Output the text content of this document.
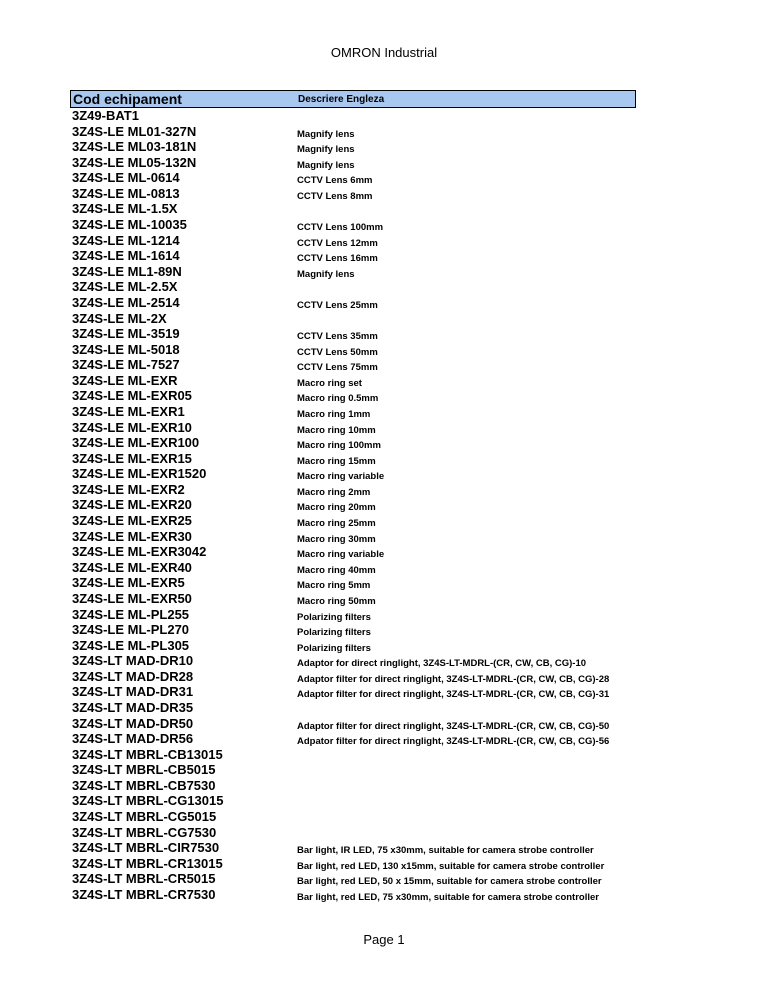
OMRON Industrial
Cod echipament	Descriere Engleza
3Z49-BAT1
3Z4S-LE ML01-327N	Magnify lens
3Z4S-LE ML03-181N	Magnify lens
3Z4S-LE ML05-132N	Magnify lens
3Z4S-LE ML-0614	CCTV Lens 6mm
3Z4S-LE ML-0813	CCTV Lens 8mm
3Z4S-LE ML-1.5X
3Z4S-LE ML-10035	CCTV Lens 100mm
3Z4S-LE ML-1214	CCTV Lens 12mm
3Z4S-LE ML-1614	CCTV Lens 16mm
3Z4S-LE ML1-89N	Magnify lens
3Z4S-LE ML-2.5X
3Z4S-LE ML-2514	CCTV Lens 25mm
3Z4S-LE ML-2X
3Z4S-LE ML-3519	CCTV Lens 35mm
3Z4S-LE ML-5018	CCTV Lens 50mm
3Z4S-LE ML-7527	CCTV Lens 75mm
3Z4S-LE ML-EXR	Macro ring set
3Z4S-LE ML-EXR05	Macro ring 0.5mm
3Z4S-LE ML-EXR1	Macro ring 1mm
3Z4S-LE ML-EXR10	Macro ring 10mm
3Z4S-LE ML-EXR100	Macro ring 100mm
3Z4S-LE ML-EXR15	Macro ring 15mm
3Z4S-LE ML-EXR1520	Macro ring variable
3Z4S-LE ML-EXR2	Macro ring 2mm
3Z4S-LE ML-EXR20	Macro ring 20mm
3Z4S-LE ML-EXR25	Macro ring 25mm
3Z4S-LE ML-EXR30	Macro ring 30mm
3Z4S-LE ML-EXR3042	Macro ring variable
3Z4S-LE ML-EXR40	Macro ring 40mm
3Z4S-LE ML-EXR5	Macro ring 5mm
3Z4S-LE ML-EXR50	Macro ring 50mm
3Z4S-LE ML-PL255	Polarizing filters
3Z4S-LE ML-PL270	Polarizing filters
3Z4S-LE ML-PL305	Polarizing filters
3Z4S-LT MAD-DR10	Adaptor for direct ringlight, 3Z4S-LT-MDRL-(CR, CW, CB, CG)-10
3Z4S-LT MAD-DR28	Adaptor filter for direct ringlight, 3Z4S-LT-MDRL-(CR, CW, CB, CG)-28
3Z4S-LT MAD-DR31	Adaptor filter for direct ringlight, 3Z4S-LT-MDRL-(CR, CW, CB, CG)-31
3Z4S-LT MAD-DR35
3Z4S-LT MAD-DR50	Adaptor filter for direct ringlight, 3Z4S-LT-MDRL-(CR, CW, CB, CG)-50
3Z4S-LT MAD-DR56	Adpator filter for direct ringlight, 3Z4S-LT-MDRL-(CR, CW, CB, CG)-56
3Z4S-LT MBRL-CB13015
3Z4S-LT MBRL-CB5015
3Z4S-LT MBRL-CB7530
3Z4S-LT MBRL-CG13015
3Z4S-LT MBRL-CG5015
3Z4S-LT MBRL-CG7530
3Z4S-LT MBRL-CIR7530	Bar light, IR LED, 75 x30mm, suitable for camera strobe controller
3Z4S-LT MBRL-CR13015	Bar light, red LED, 130 x15mm, suitable for camera strobe controller
3Z4S-LT MBRL-CR5015	Bar light, red LED, 50 x 15mm, suitable for camera strobe controller
3Z4S-LT MBRL-CR7530	Bar light, red LED, 75 x30mm, suitable for camera strobe controller
Page 1
